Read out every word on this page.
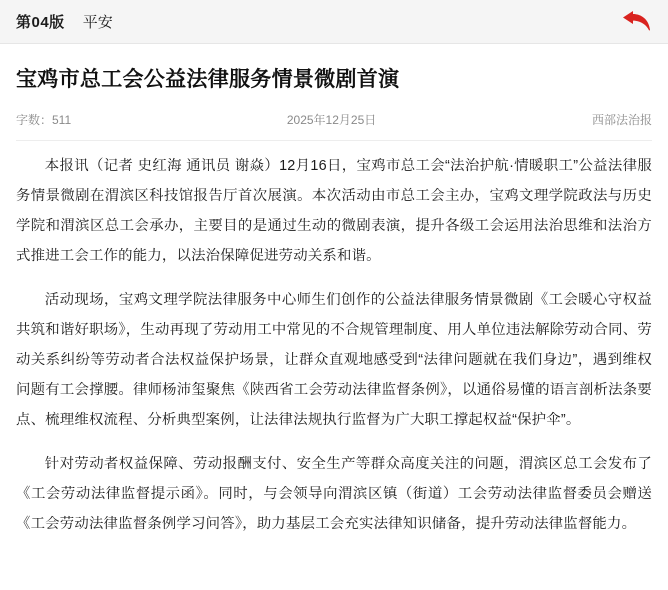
第04版 平安
宝鸡市总工会公益法律服务情景微剧首演
字数：511	2025年12月25日	西部法治报

本报讯（记者 史红海 通讯员 谢焱）12月16日，宝鸡市总工会“法治护航·情暖职工”公益法律服务情景微剧在渭滨区科技馆报告厅首次展演。本次活动由市总工会主办，宝鸡文理学院政法与历史学院和渭滨区总工会承办，主要目的是通过生动的微剧表演，提升各级工会运用法治思维和法治方式推进工会工作的能力，以法治保障促进劳动关系和谐。

活动现场，宝鸡文理学院法律服务中心师生们创作的公益法律服务情景微剧《工会暖心守权益 共筑和谐好职场》，生动再现了劳动用工中常见的不合规管理制度、用人单位违法解除劳动合同、劳动关系纠纷等劳动者合法权益保护场景，让群众直观地感受到“法律问题就在我们身边”，遇到维权问题有工会撑腰。律师杨沛玺聚焦《陕西省工会劳动法律监督条例》，以通俗易懂的语言剖析法条要点、梳理维权流程、分析典型案例，让法律法规执行监督为广大职工撑起权益“保护伞”。

针对劳动者权益保障、劳动报酬支付、安全生产等群众高度关注的问题，渭滨区总工会发布了《工会劳动法律监督提示函》。同时，与会领导向渭滨区镇（街道）工会劳动法律监督委员会赠送《工会劳动法律监督条例学习问答》，助力基层工会充实法律知识储备，提升劳动法律监督能力。
